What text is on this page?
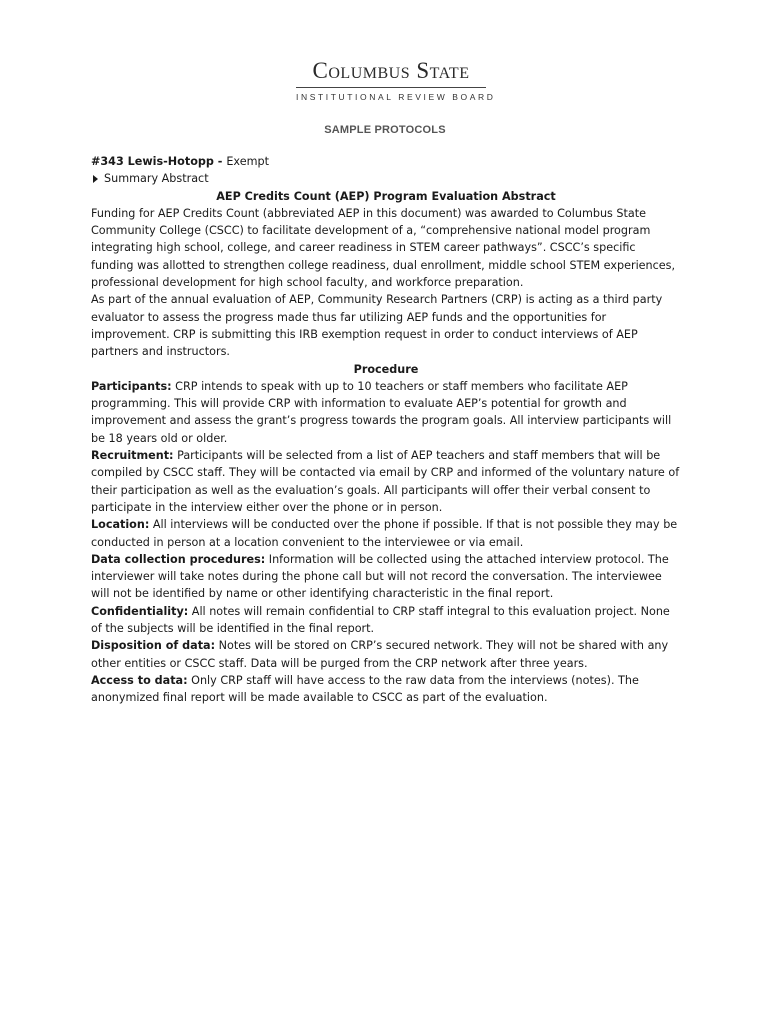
Columbus State
INSTITUTIONAL REVIEW BOARD
SAMPLE PROTOCOLS

#343 Lewis-Hotopp - Exempt

Summary Abstract

AEP Credits Count (AEP) Program Evaluation Abstract

Funding for AEP Credits Count (abbreviated AEP in this document) was awarded to Columbus State Community College (CSCC) to facilitate development of a, “comprehensive national model program integrating high school, college, and career readiness in STEM career pathways”. CSCC’s specific funding was allotted to strengthen college readiness, dual enrollment, middle school STEM experiences, professional development for high school faculty, and workforce preparation.

As part of the annual evaluation of AEP, Community Research Partners (CRP) is acting as a third party evaluator to assess the progress made thus far utilizing AEP funds and the opportunities for improvement. CRP is submitting this IRB exemption request in order to conduct interviews of AEP partners and instructors.

Procedure

Participants: CRP intends to speak with up to 10 teachers or staff members who facilitate AEP programming. This will provide CRP with information to evaluate AEP’s potential for growth and improvement and assess the grant’s progress towards the program goals. All interview participants will be 18 years old or older.

Recruitment: Participants will be selected from a list of AEP teachers and staff members that will be compiled by CSCC staff. They will be contacted via email by CRP and informed of the voluntary nature of their participation as well as the evaluation’s goals. All participants will offer their verbal consent to participate in the interview either over the phone or in person.

Location: All interviews will be conducted over the phone if possible. If that is not possible they may be conducted in person at a location convenient to the interviewee or via email.

Data collection procedures: Information will be collected using the attached interview protocol. The interviewer will take notes during the phone call but will not record the conversation. The interviewee will not be identified by name or other identifying characteristic in the final report.

Confidentiality: All notes will remain confidential to CRP staff integral to this evaluation project. None of the subjects will be identified in the final report.

Disposition of data: Notes will be stored on CRP’s secured network. They will not be shared with any other entities or CSCC staff. Data will be purged from the CRP network after three years.

Access to data: Only CRP staff will have access to the raw data from the interviews (notes). The anonymized final report will be made available to CSCC as part of the evaluation.
